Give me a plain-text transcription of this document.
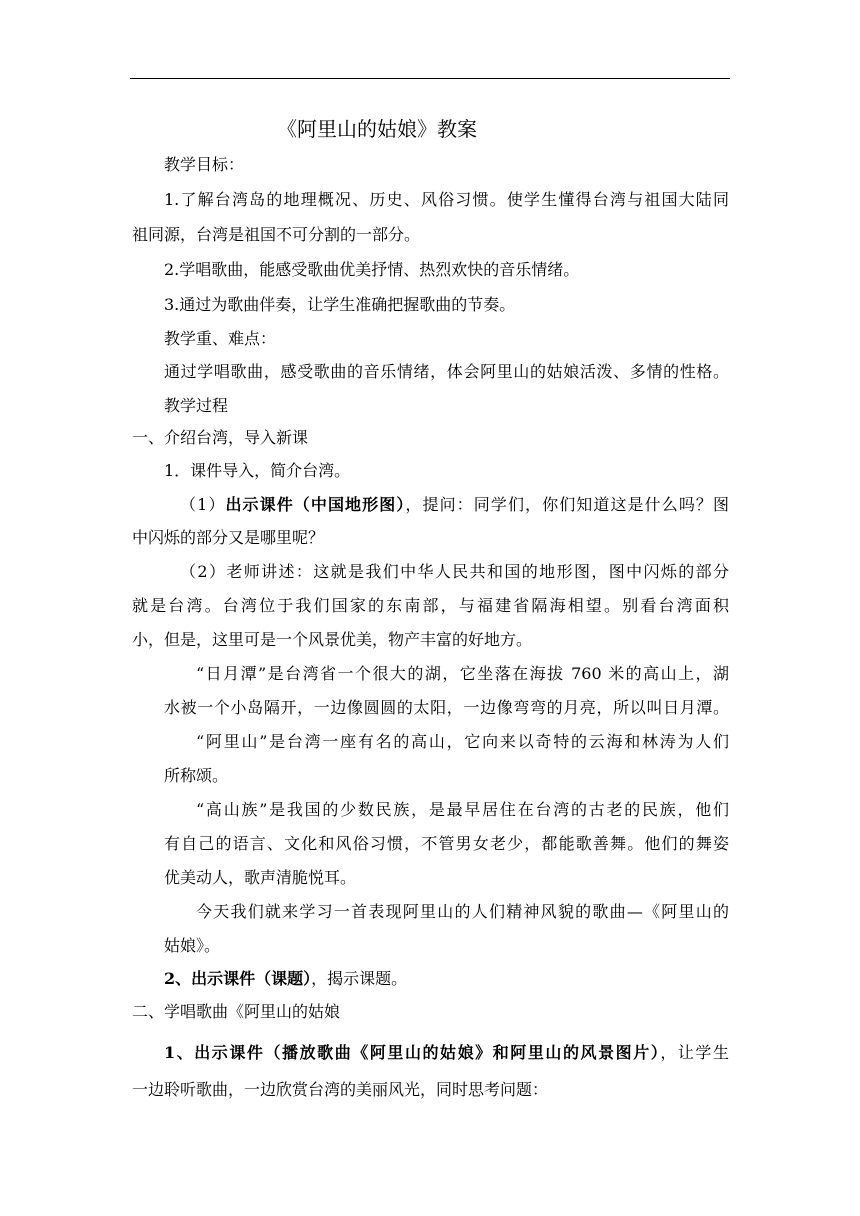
《阿里山的姑娘》教案
教学目标：
1.了解台湾岛的地理概况、历史、风俗习惯。使学生懂得台湾与祖国大陆同
祖同源，台湾是祖国不可分割的一部分。
2.学唱歌曲，能感受歌曲优美抒情、热烈欢快的音乐情绪。
3.通过为歌曲伴奏，让学生准确把握歌曲的节奏。
教学重、难点：
通过学唱歌曲，感受歌曲的音乐情绪，体会阿里山的姑娘活泼、多情的性格。
教学过程
一、介绍台湾，导入新课
1．课件导入，简介台湾。
（1）出示课件（中国地形图），提问：同学们，你们知道这是什么吗？图
中闪烁的部分又是哪里呢？
（2）老师讲述：这就是我们中华人民共和国的地形图，图中闪烁的部分
就是台湾。台湾位于我们国家的东南部，与福建省隔海相望。别看台湾面积
小，但是，这里可是一个风景优美，物产丰富的好地方。
“日月潭”是台湾省一个很大的湖，它坐落在海拔 760 米的高山上，湖
水被一个小岛隔开，一边像圆圆的太阳，一边像弯弯的月亮，所以叫日月潭。
“阿里山”是台湾一座有名的高山，它向来以奇特的云海和林涛为人们
所称颂。
“高山族”是我国的少数民族，是最早居住在台湾的古老的民族，他们
有自己的语言、文化和风俗习惯，不管男女老少，都能歌善舞。他们的舞姿
优美动人，歌声清脆悦耳。
今天我们就来学习一首表现阿里山的人们精神风貌的歌曲—《阿里山的
姑娘》。
2、出示课件（课题），揭示课题。
二、学唱歌曲《阿里山的姑娘
1、出示课件（播放歌曲《阿里山的姑娘》和阿里山的风景图片），让学生
一边聆听歌曲，一边欣赏台湾的美丽风光，同时思考问题：
